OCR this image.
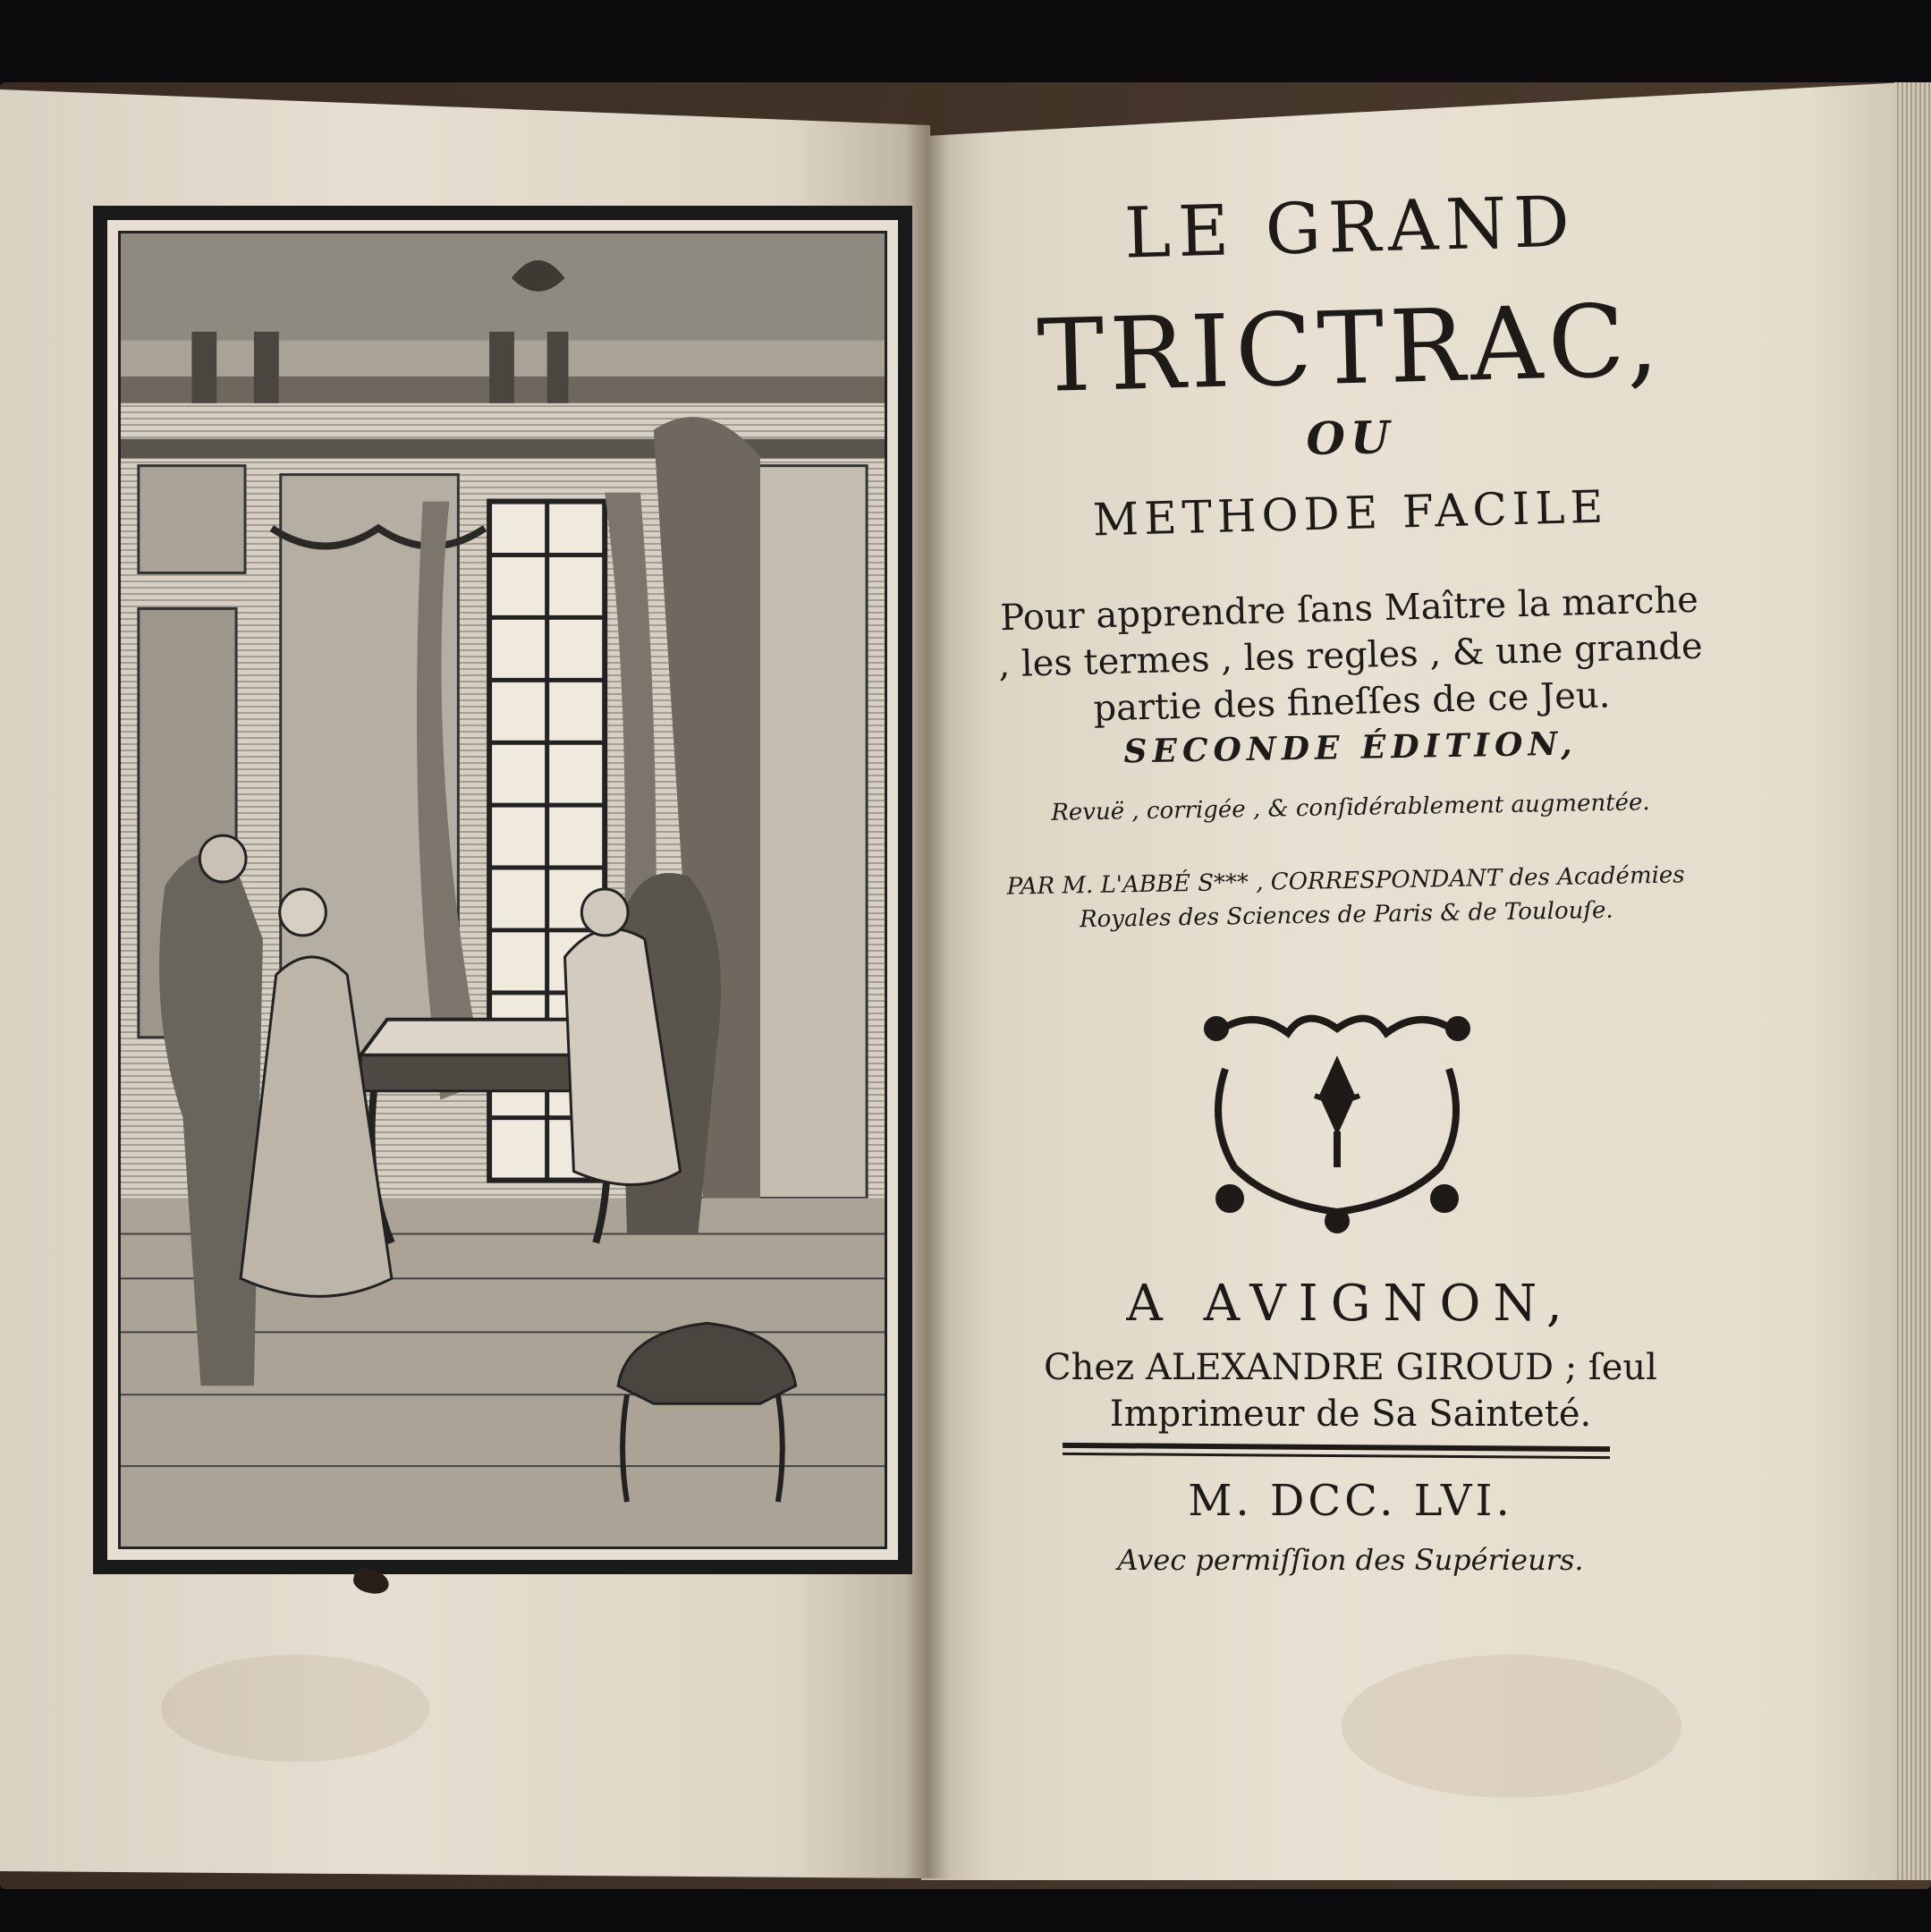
LE GRAND
TRICTRAC,
OU
METHODE FACILE
Pour apprendre ſans Maître la marche , les termes , les regles , & une grande partie des fineſſes de ce Jeu.
SECONDE ÉDITION,
Revuë , corrigée , & conſidérablement augmentée.
PAR M. L'ABBÉ S*** , CORRESPONDANT des Académies Royales des Sciences de Paris & de Toulouſe.
A AVIGNON,
Chez ALEXANDRE GIROUD ; ſeul Imprimeur de Sa Sainteté.
M. DCC. LVI.
Avec permiſſion des Supérieurs.
